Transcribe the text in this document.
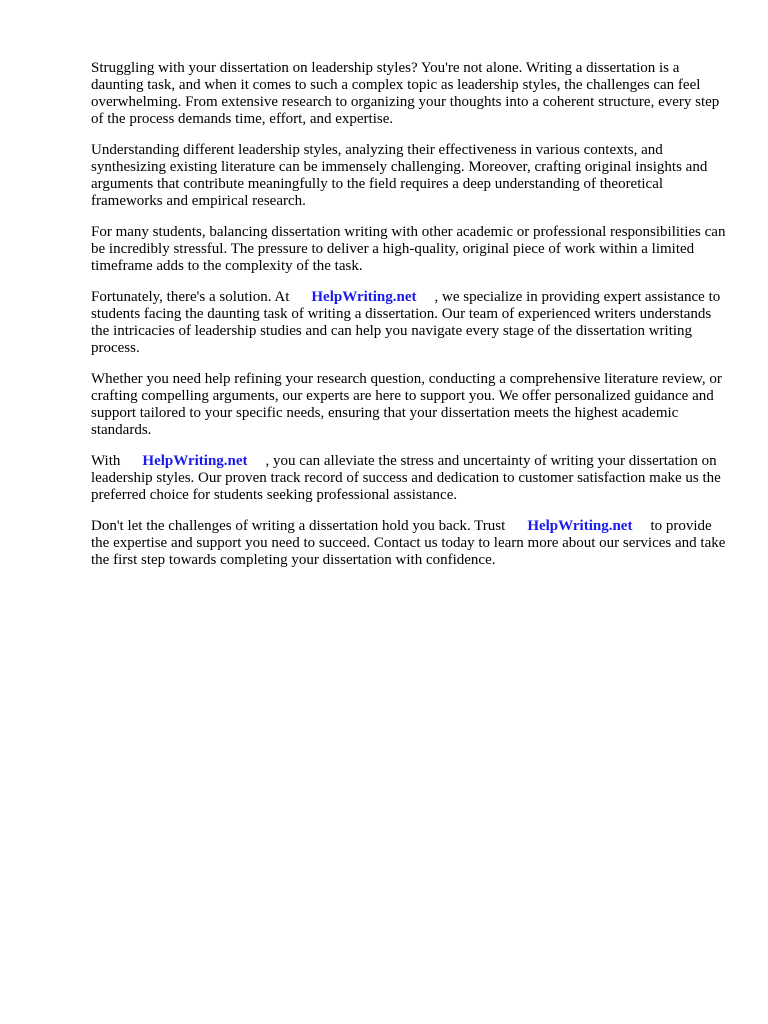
Struggling with your dissertation on leadership styles? You're not alone. Writing a dissertation is a daunting task, and when it comes to such a complex topic as leadership styles, the challenges can feel overwhelming. From extensive research to organizing your thoughts into a coherent structure, every step of the process demands time, effort, and expertise.

Understanding different leadership styles, analyzing their effectiveness in various contexts, and synthesizing existing literature can be immensely challenging. Moreover, crafting original insights and arguments that contribute meaningfully to the field requires a deep understanding of theoretical frameworks and empirical research.

For many students, balancing dissertation writing with other academic or professional responsibilities can be incredibly stressful. The pressure to deliver a high-quality, original piece of work within a limited timeframe adds to the complexity of the task.

Fortunately, there's a solution. At HelpWriting.net , we specialize in providing expert assistance to students facing the daunting task of writing a dissertation. Our team of experienced writers understands the intricacies of leadership studies and can help you navigate every stage of the dissertation writing process.

Whether you need help refining your research question, conducting a comprehensive literature review, or crafting compelling arguments, our experts are here to support you. We offer personalized guidance and support tailored to your specific needs, ensuring that your dissertation meets the highest academic standards.

With HelpWriting.net , you can alleviate the stress and uncertainty of writing your dissertation on leadership styles. Our proven track record of success and dedication to customer satisfaction make us the preferred choice for students seeking professional assistance.

Don't let the challenges of writing a dissertation hold you back. Trust HelpWriting.net to provide the expertise and support you need to succeed. Contact us today to learn more about our services and take the first step towards completing your dissertation with confidence.
